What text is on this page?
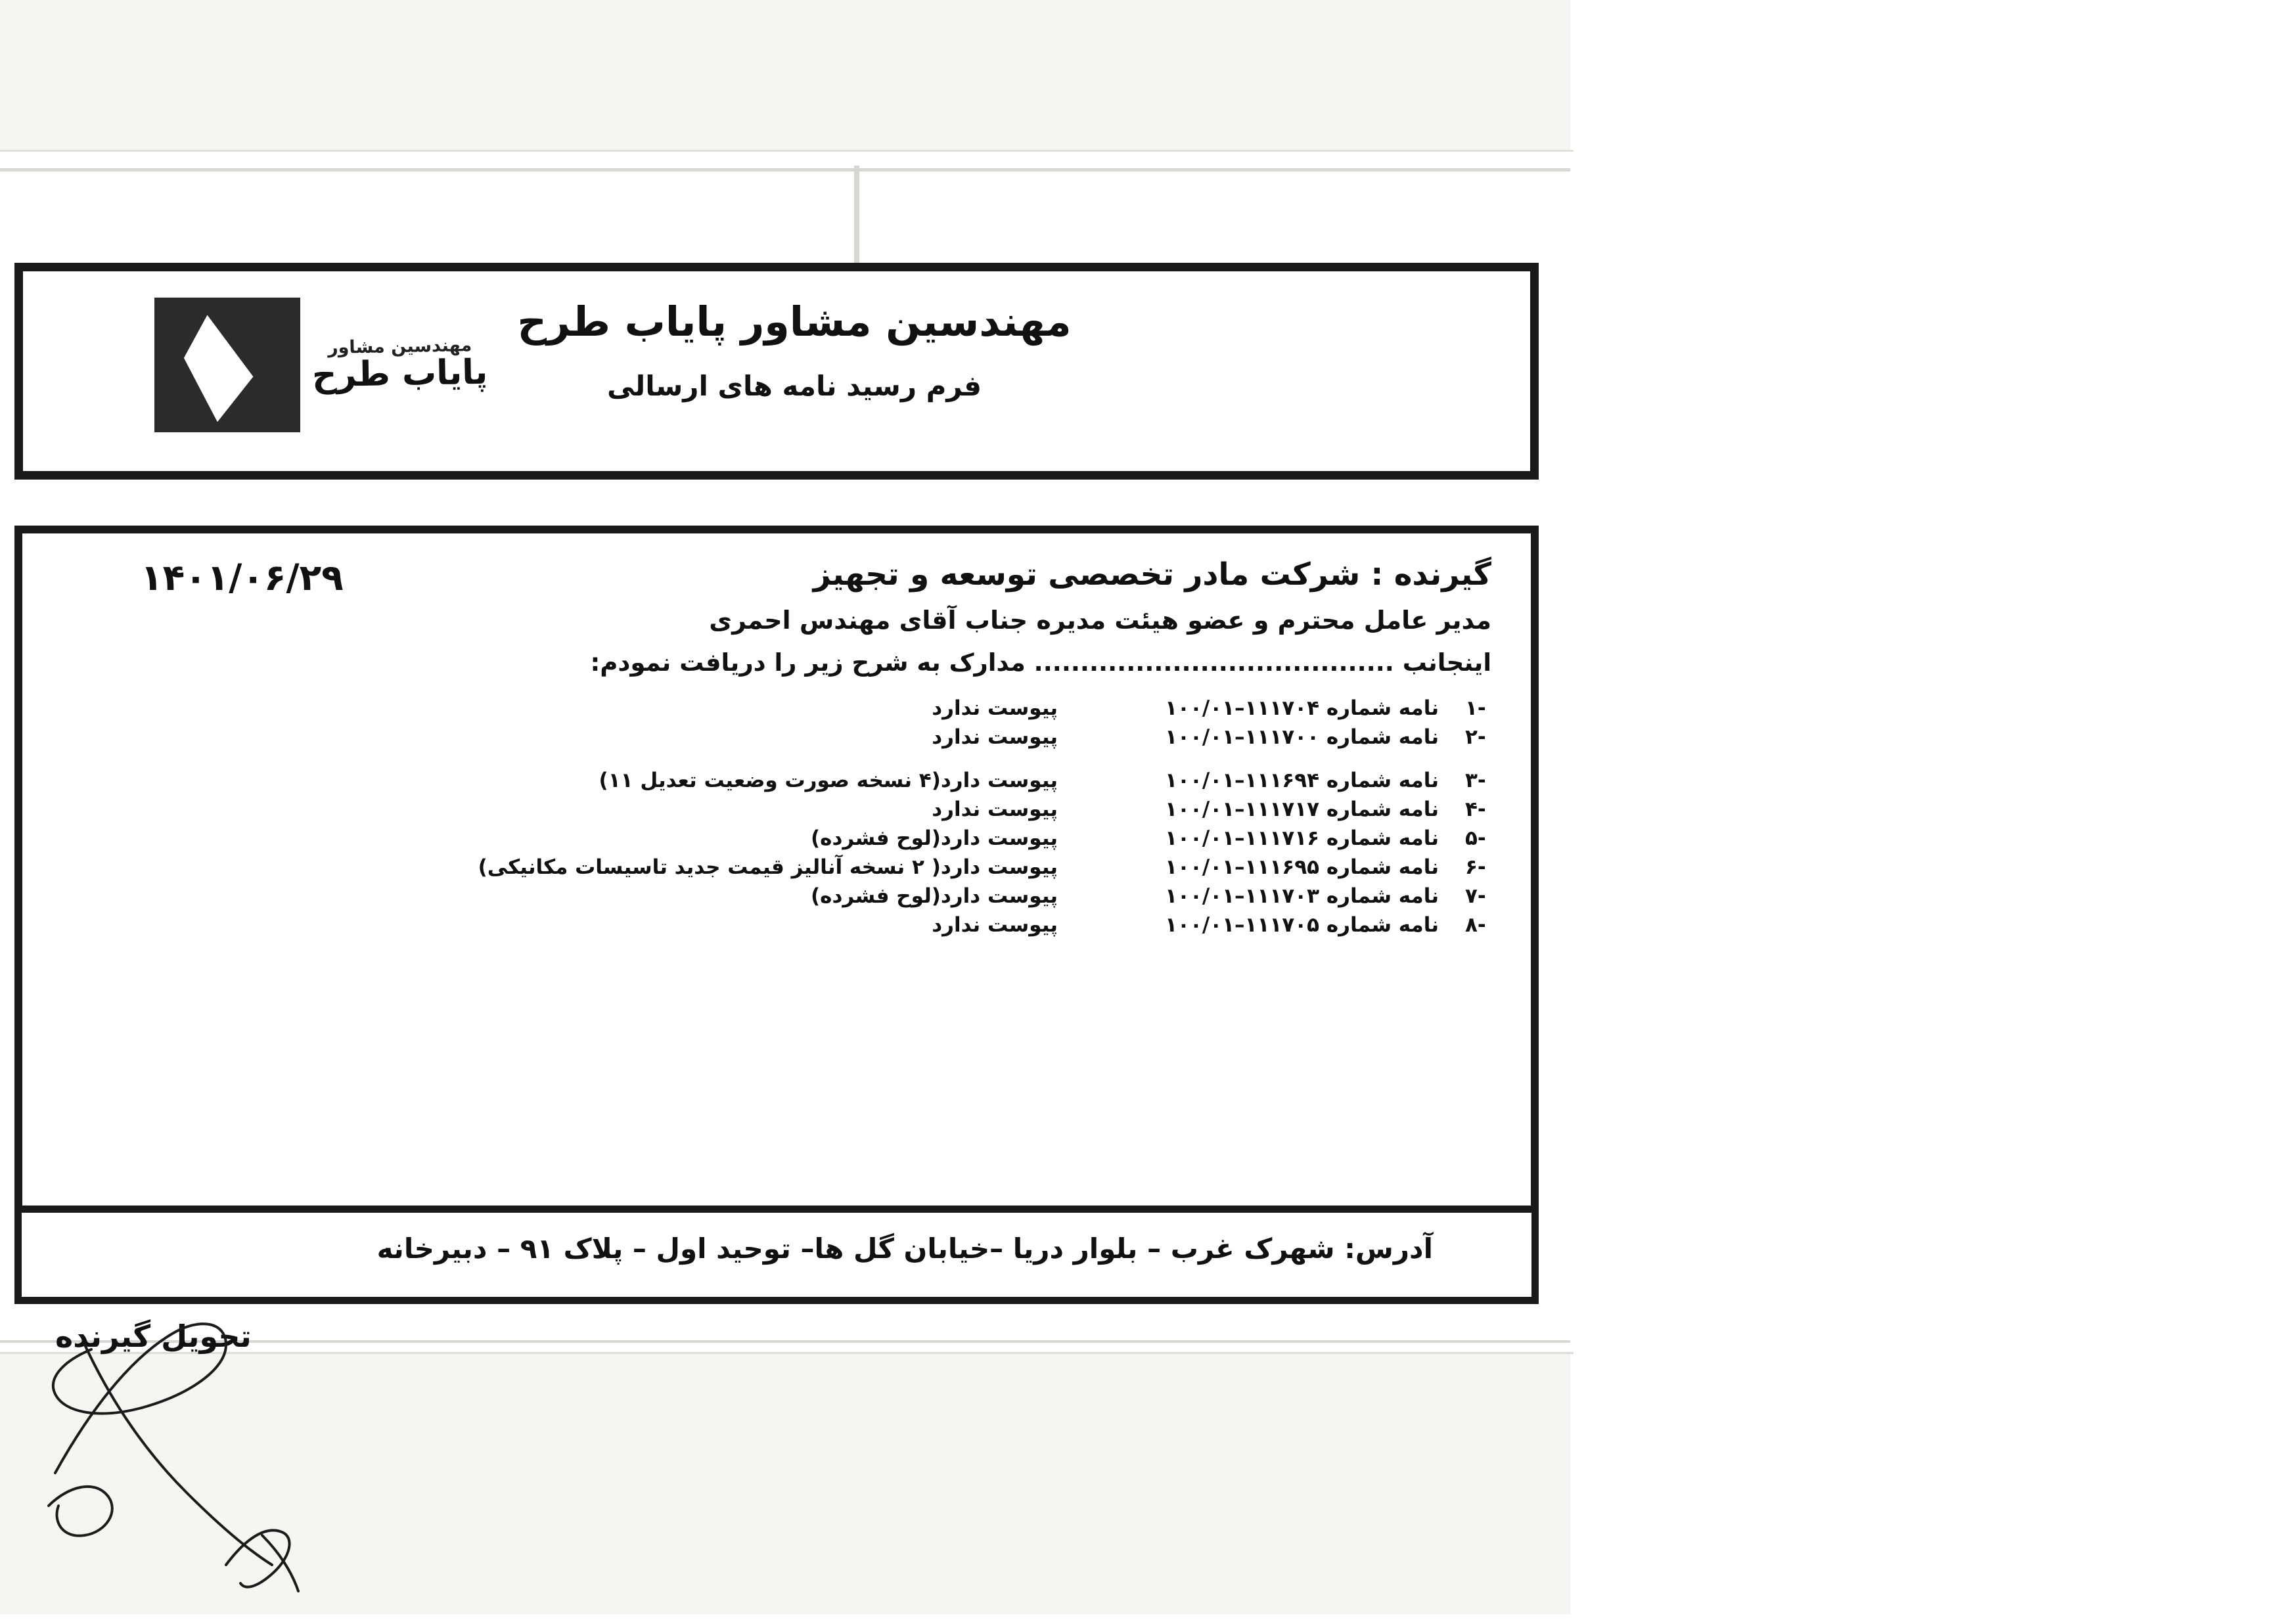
مهندسین مشاور پایاب طرح
فرم رسید نامه های ارسالی
مهندسین مشاور
پایاب طرح
۱۴۰۱/۰۶/۲۹	گیرنده : شرکت مادر تخصصی توسعه و تجهیز
مدیر عامل محترم و عضو هیئت مدیره جناب آقای مهندس احمری
اینجانب ....................................... مدارک به شرح زیر را دریافت نمودم:
۱-
نامه شماره ۱۱۱۷۰۴–۱۰۰/۰۱
پیوست ندارد
۲-
نامه شماره ۱۱۱۷۰۰–۱۰۰/۰۱
پیوست ندارد
۳-
نامه شماره ۱۱۱۶۹۴–۱۰۰/۰۱
پیوست دارد(۴ نسخه صورت وضعیت تعدیل ۱۱)
۴-
نامه شماره ۱۱۱۷۱۷–۱۰۰/۰۱
پیوست ندارد
۵-
نامه شماره ۱۱۱۷۱۶–۱۰۰/۰۱
پیوست دارد(لوح فشرده)
۶-
نامه شماره ۱۱۱۶۹۵–۱۰۰/۰۱
پیوست دارد( ۲ نسخه آنالیز قیمت جدید تاسیسات مکانیکی)
۷-
نامه شماره ۱۱۱۷۰۳–۱۰۰/۰۱
پیوست دارد(لوح فشرده)
۸-
نامه شماره ۱۱۱۷۰۵–۱۰۰/۰۱
پیوست ندارد
تحویل گیرنده
آدرس: شهرک غرب – بلوار دریا –خیابان گل ها– توحید اول – پلاک ۹۱ – دبیرخانه
